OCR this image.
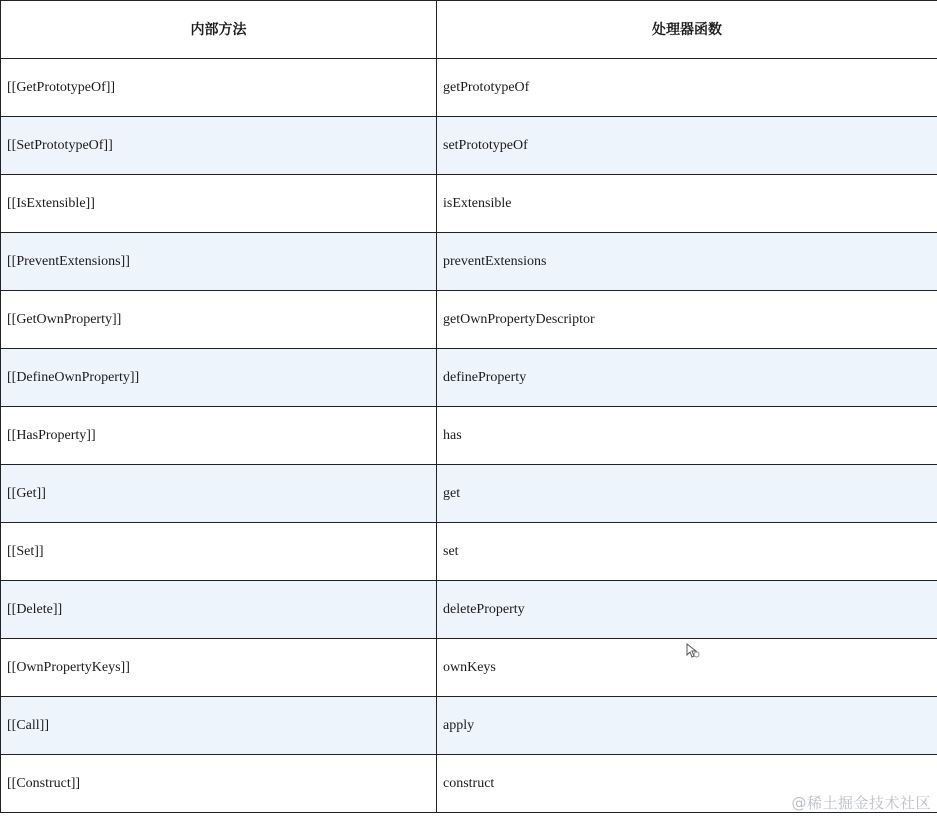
内部方法	处理器函数
[[GetPrototypeOf]]	getPrototypeOf
[[SetPrototypeOf]]	setPrototypeOf
[[IsExtensible]]	isExtensible
[[PreventExtensions]]	preventExtensions
[[GetOwnProperty]]	getOwnPropertyDescriptor
[[DefineOwnProperty]]	defineProperty
[[HasProperty]]	has
[[Get]]	get
[[Set]]	set
[[Delete]]	deleteProperty
[[OwnPropertyKeys]]	ownKeys
[[Call]]	apply
[[Construct]]	construct
@稀土掘金技术社区
